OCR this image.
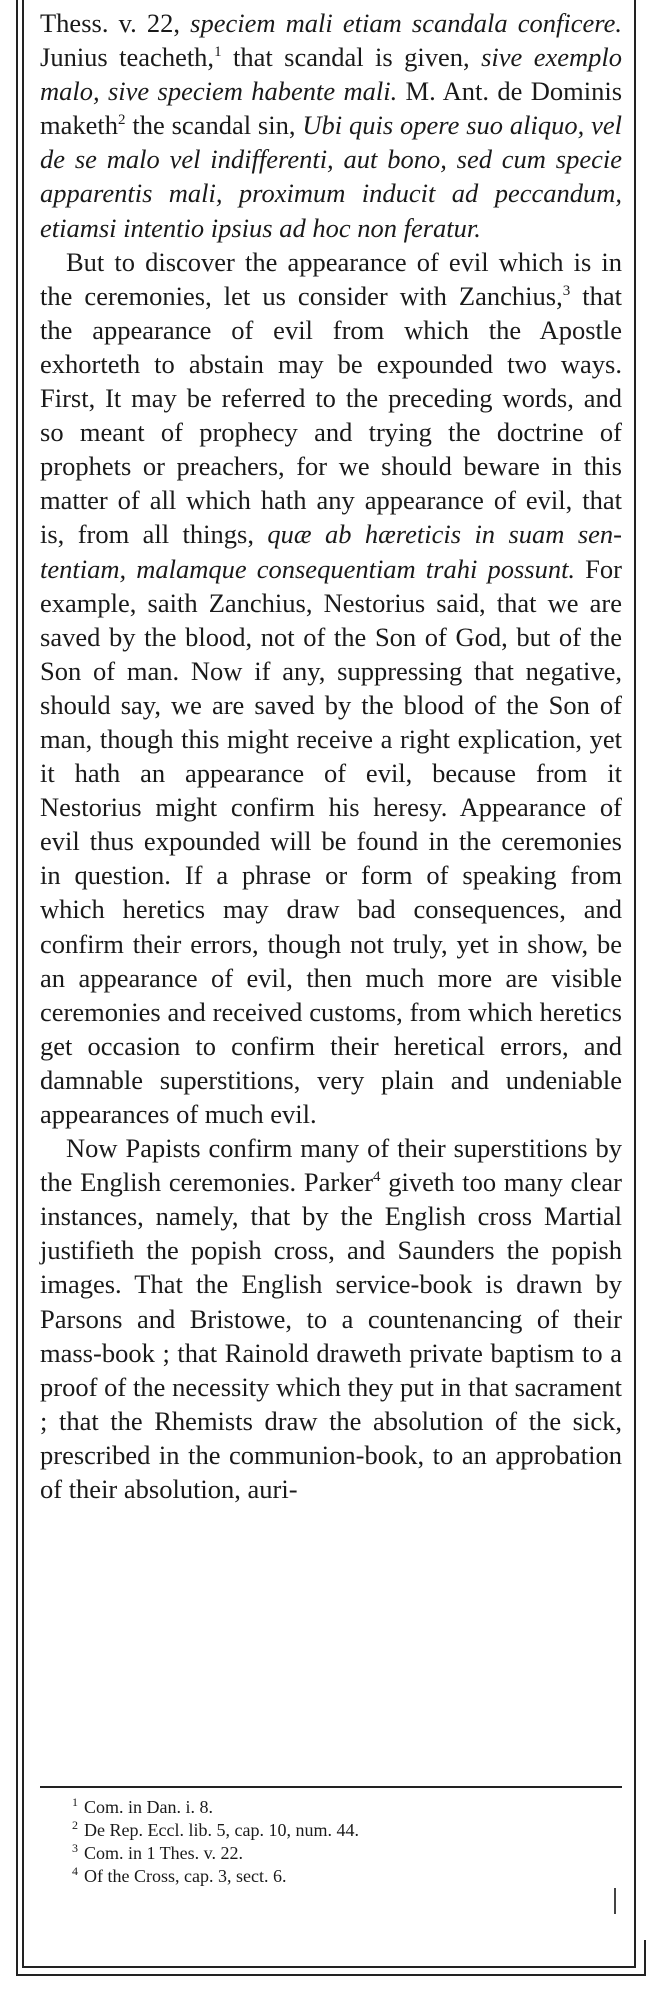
Thess. v. 22, speciem mali etiam scandala conficere. Junius teacheth,$^1$ that scandal is given, sive exemplo malo, sive speciem habente mali. M. Ant. de Dominis maketh$^2$ the scandal sin, Ubi quis opere suo aliquo, vel de se malo vel indifferenti, aut bono, sed cum specie apparentis mali, proximum inducit ad peccandum, etiamsi intentio ipsius ad hoc non feratur.

But to discover the appearance of evil which is in the ceremonies, let us consider with Zanchius,$^3$ that the appearance of evil from which the Apostle exhorteth to abstain may be expounded two ways. First, It may be referred to the preceding words, and so meant of prophecy and trying the doctrine of prophets or preachers, for we should beware in this matter of all which hath any appearance of evil, that is, from all things, quæ ab hæreticis in suam sententiam, malamque consequentiam trahi possunt. For example, saith Zanchius, Nestorius said, that we are saved by the blood, not of the Son of God, but of the Son of man. Now if any, suppressing that negative, should say, we are saved by the blood of the Son of man, though this might receive a right explication, yet it hath an appearance of evil, because from it Nestorius might confirm his heresy. Appearance of evil thus expounded will be found in the ceremonies in question. If a phrase or form of speaking from which heretics may draw bad consequences, and confirm their errors, though not truly, yet in show, be an appearance of evil, then much more are visible ceremonies and received customs, from which heretics get occasion to confirm their heretical errors, and damnable superstitions, very plain and undeniable appearances of much evil.

Now Papists confirm many of their superstitions by the English ceremonies. Parker$^4$ giveth too many clear instances, namely, that by the English cross Martial justifieth the popish cross, and Saunders the popish images. That the English service-book is drawn by Parsons and Bristowe, to a countenancing of their mass-book ; that Rainold draweth private baptism to a proof of the necessity which they put in that sacrament ; that the Rhemists draw the absolution of the sick, prescribed in the communion-book, to an approbation of their absolution, auri-

$^1$ Com. in Dan. i. 8.

$^2$ De Rep. Eccl. lib. 5, cap. 10, num. 44.

$^3$ Com. in 1 Thes. v. 22.

$^4$ Of the Cross, cap. 3, sect. 6.
